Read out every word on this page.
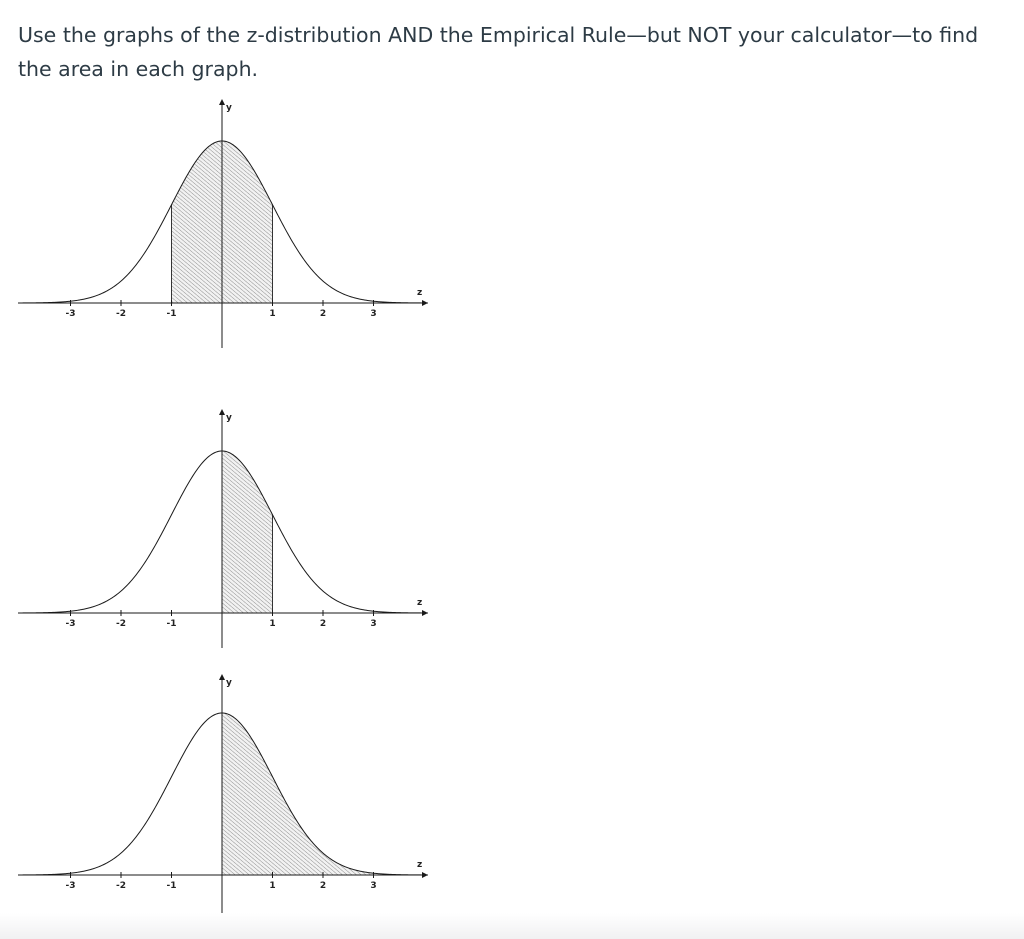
Use the graphs of the z-distribution AND the Empirical Rule—but NOT your calculator—to find the area in each graph.
y
z
-3	-2	-1	1	2	3
y
z
-3	-2	-1	1	2	3
y
z
-3	-2	-1	1	2	3
